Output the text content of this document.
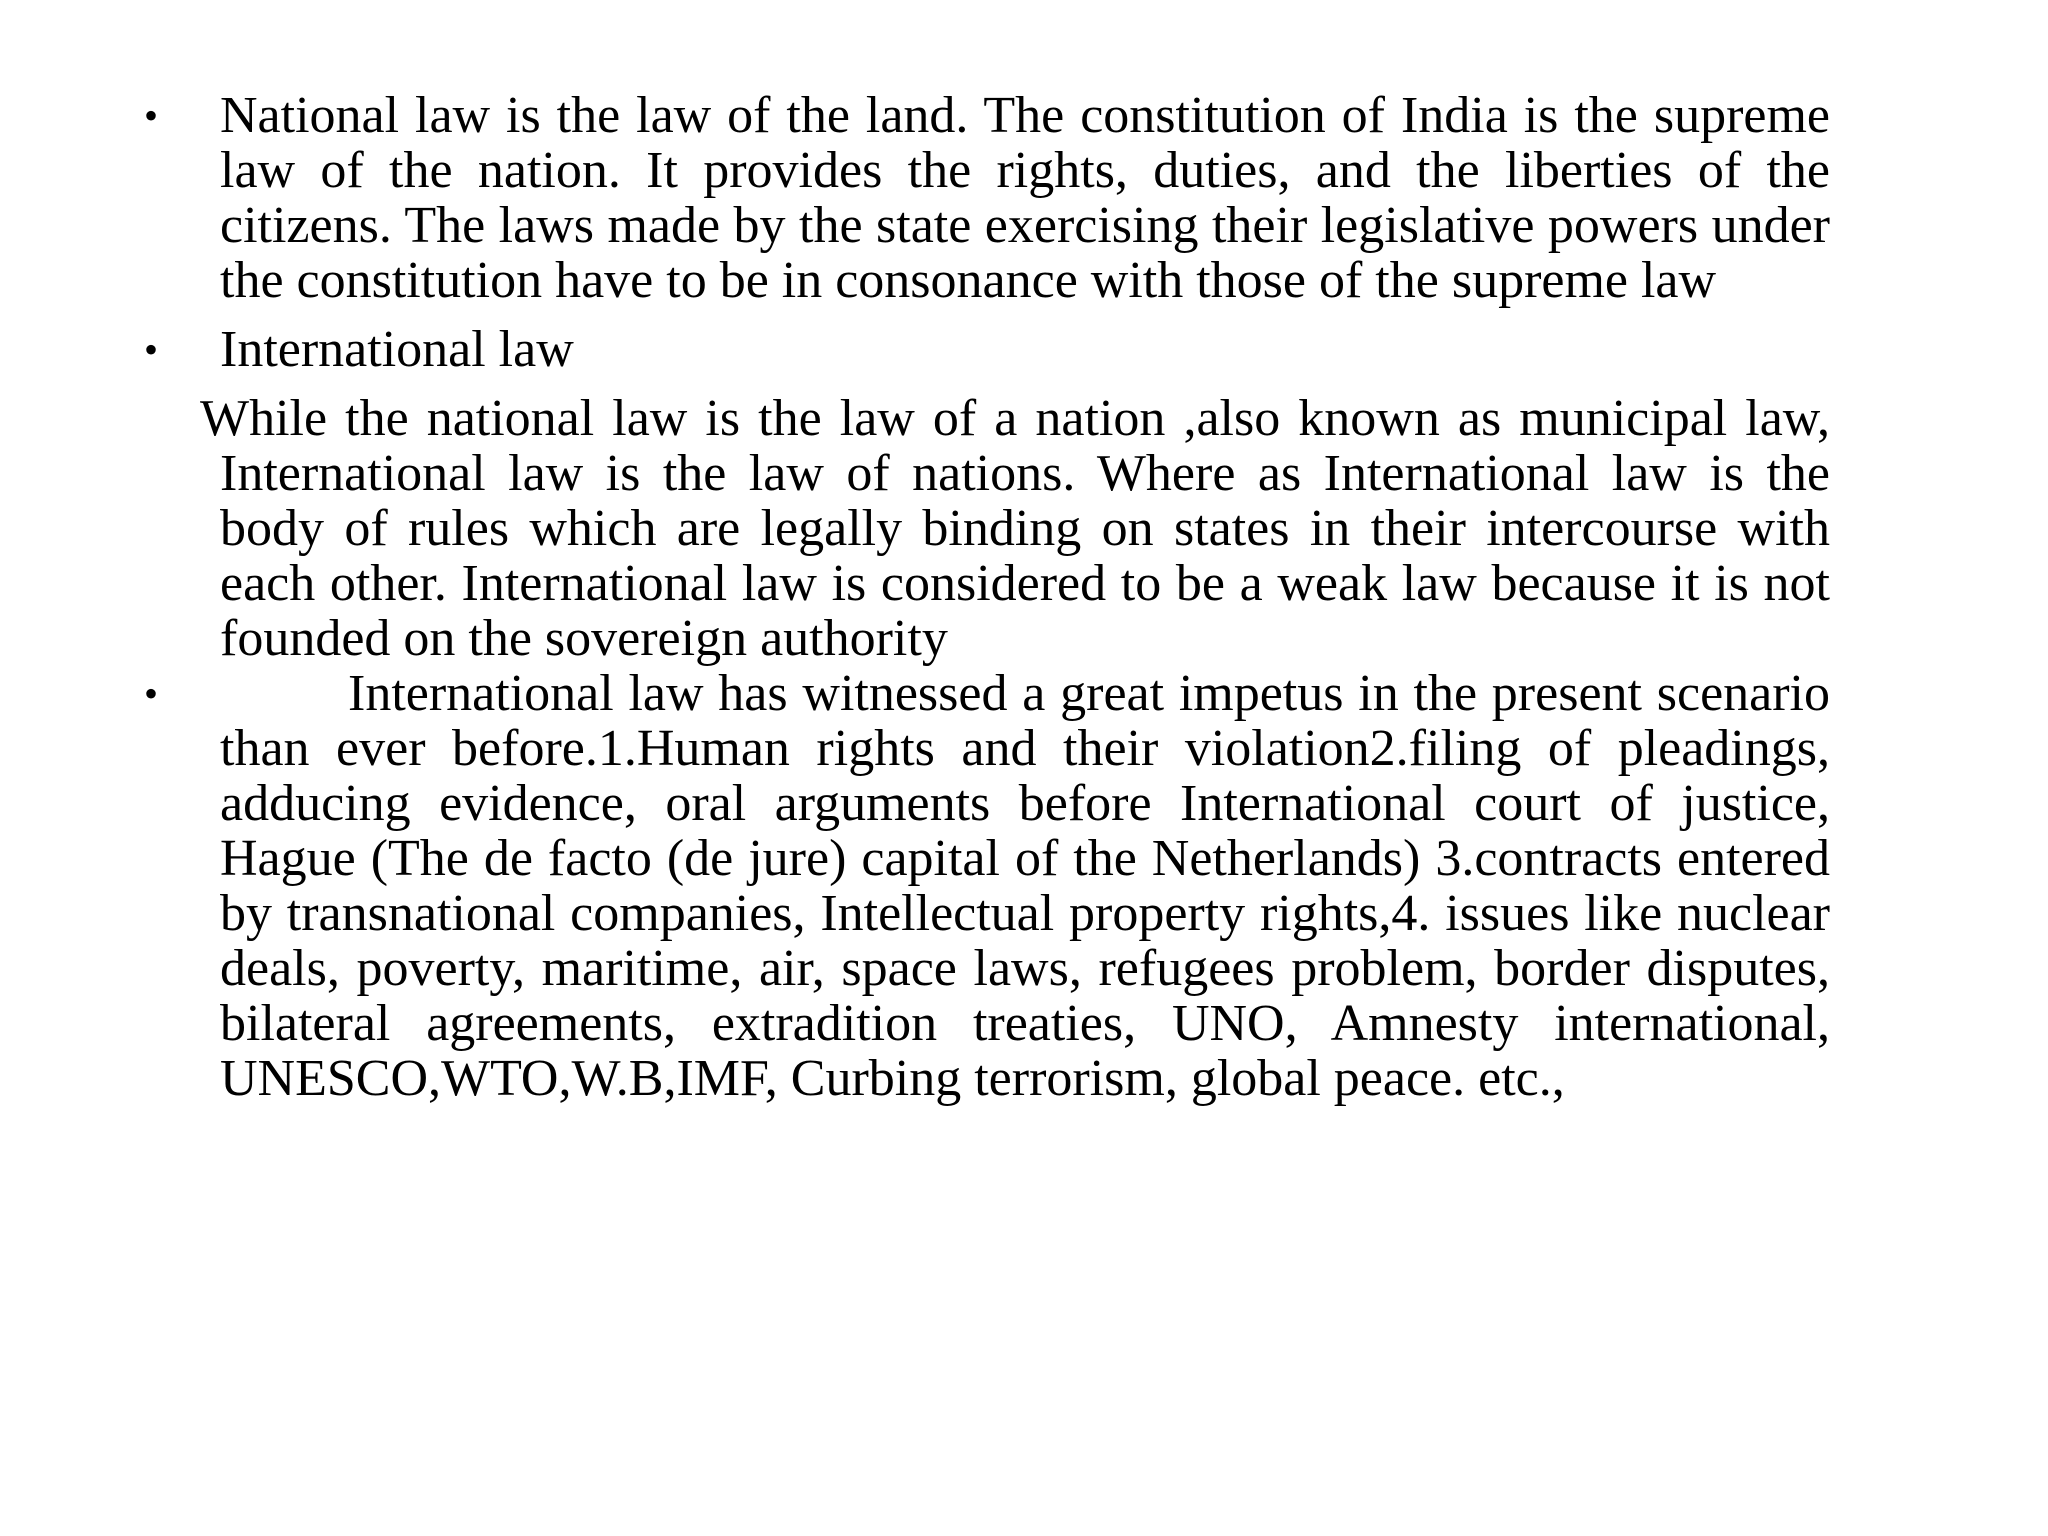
• National law is the law of the land. The constitution of India is the supreme law of the nation. It provides the rights, duties, and the liberties of the citizens. The laws made by the state exercising their legislative powers under the constitution have to be in consonance with those of the supreme law
• International law
While the national law is the law of a nation ,also known as municipal law, International law is the law of nations. Where as International law is the body of rules which are legally binding on states in their intercourse with each other. International law is considered to be a weak law because it is not founded on the sovereign authority
•	International law has witnessed a great impetus in the present scenario than ever before.1.Human rights and their violation2.filing of pleadings, adducing evidence, oral arguments before International court of justice, Hague (The de facto (de jure) capital of the Netherlands) 3.contracts entered by transnational companies, Intellectual property rights,4. issues like nuclear deals, poverty, maritime, air, space laws, refugees problem, border disputes, bilateral agreements, extradition treaties, UNO, Amnesty international, UNESCO,WTO,W.B,IMF, Curbing terrorism, global peace. etc.,
